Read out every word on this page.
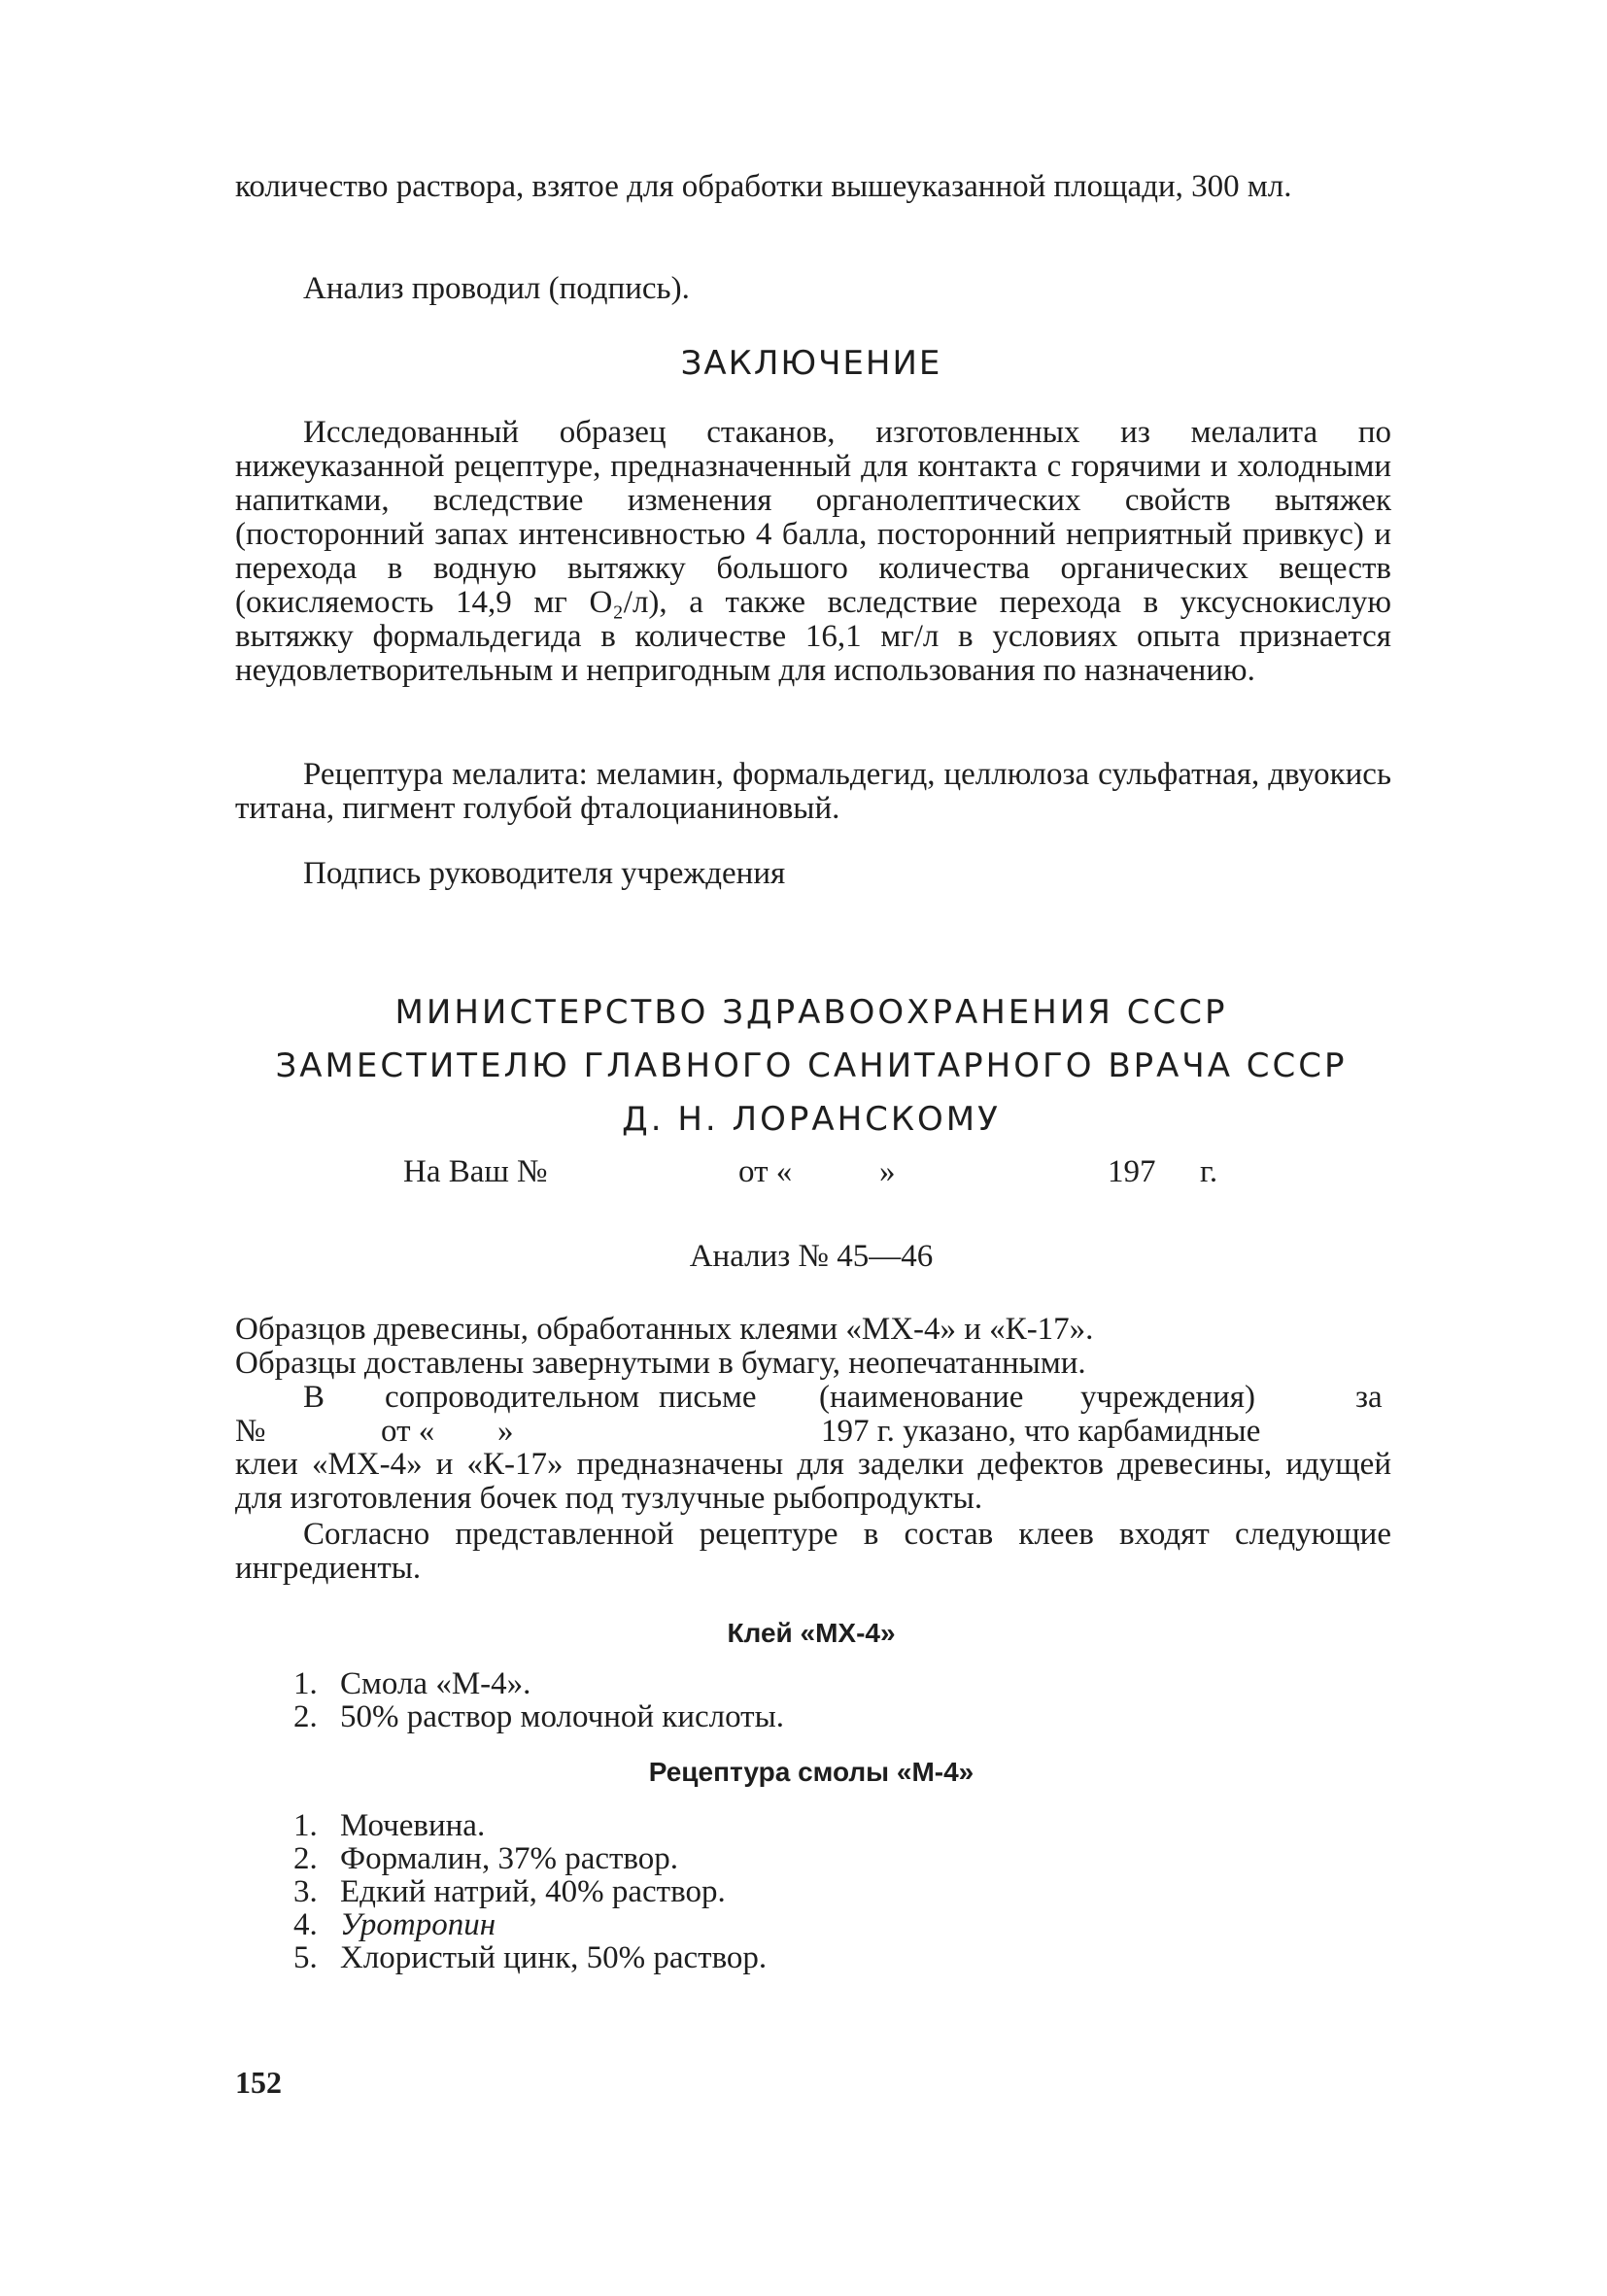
количество раствора, взятое для обработки вышеуказанной площади, 300 мл.

Анализ проводил (подпись).

ЗАКЛЮЧЕНИЕ

Исследованный образец стаканов, изготовленных из мелалита по нижеуказанной рецептуре, предназначенный для контакта с горячими и холодными напитками, вследствие изменения органолептических свойств вытяжек (посторонний запах интенсивностью 4 балла, посторонний неприятный привкус) и перехода в водную вытяжку большого количества органических веществ (окисляемость 14,9 мг O₂/л), а также вследствие перехода в уксуснокислую вытяжку формальдегида в количестве 16,1 мг/л в условиях опыта признается неудовлетворительным и непригодным для использования по назначению.

Рецептура мелалита: меламин, формальдегид, целлюлоза сульфатная, двуокись титана, пигмент голубой фталоцианиновый.

Подпись руководителя учреждения

МИНИСТЕРСТВО ЗДРАВООХРАНЕНИЯ СССР
ЗАМЕСТИТЕЛЮ ГЛАВНОГО САНИТАРНОГО ВРАЧА СССР
Д. Н. ЛОРАНСКОМУ
На Ваш №	от «	»	197 г.
Анализ № 45—46
Образцов древесины, обработанных клеями «МХ-4» и «К-17».
Образцы доставлены завернутыми в бумагу, неопечатанными.
В сопроводительном письме (наименование учреждения)	за
№	от « »	197 г. указано, что карбамидные

клеи «МХ-4» и «К-17» предназначены для заделки дефектов древесины, идущей для изготовления бочек под тузлучные рыбопродукты.

Согласно представленной рецептуре в состав клеев входят следующие ингредиенты.

Клей «МХ-4»
1. Смола «М-4».
2. 50% раствор молочной кислоты.
Рецептура смолы «М-4»
1. Мочевина.
2. Формалин, 37% раствор.
3. Едкий натрий, 40% раствор.
4. Уротропин
5. Хлористый цинк, 50% раствор.
152
